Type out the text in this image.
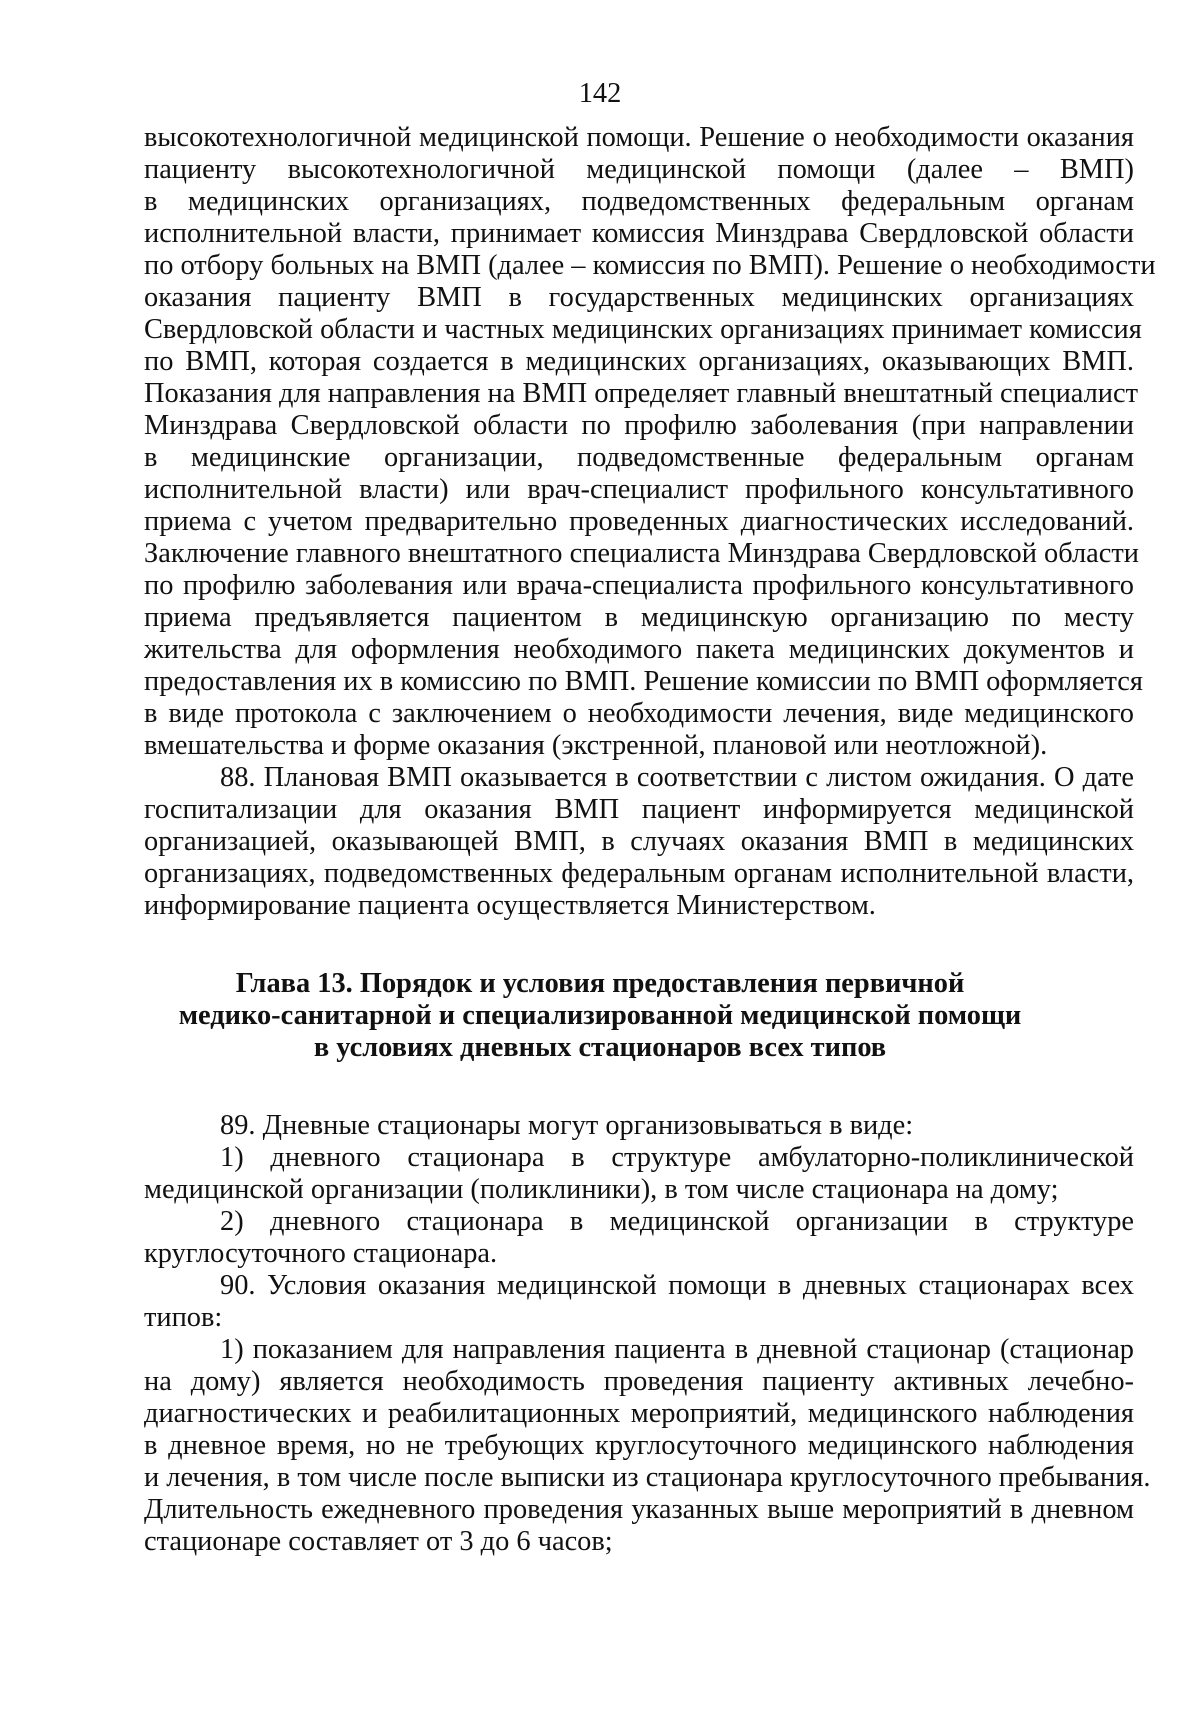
142
высокотехнологичной медицинской помощи. Решение о необходимости оказания
пациенту высокотехнологичной медицинской помощи (далее – ВМП)
в медицинских организациях, подведомственных федеральным органам
исполнительной власти, принимает комиссия Минздрава Свердловской области
по отбору больных на ВМП (далее – комиссия по ВМП). Решение о необходимости
оказания пациенту ВМП в государственных медицинских организациях
Свердловской области и частных медицинских организациях принимает комиссия
по ВМП, которая создается в медицинских организациях, оказывающих ВМП.
Показания для направления на ВМП определяет главный внештатный специалист
Минздрава Свердловской области по профилю заболевания (при направлении
в медицинские организации, подведомственные федеральным органам
исполнительной власти) или врач-специалист профильного консультативного
приема с учетом предварительно проведенных диагностических исследований.
Заключение главного внештатного специалиста Минздрава Свердловской области
по профилю заболевания или врача-специалиста профильного консультативного
приема предъявляется пациентом в медицинскую организацию по месту
жительства для оформления необходимого пакета медицинских документов и
предоставления их в комиссию по ВМП. Решение комиссии по ВМП оформляется
в виде протокола с заключением о необходимости лечения, виде медицинского
вмешательства и форме оказания (экстренной, плановой или неотложной).
88. Плановая ВМП оказывается в соответствии с листом ожидания. О дате
госпитализации для оказания ВМП пациент информируется медицинской
организацией, оказывающей ВМП, в случаях оказания ВМП в медицинских
организациях, подведомственных федеральным органам исполнительной власти,
информирование пациента осуществляется Министерством.
Глава 13. Порядок и условия предоставления первичной
медико-санитарной и специализированной медицинской помощи
в условиях дневных стационаров всех типов
89. Дневные стационары могут организовываться в виде:
1) дневного стационара в структуре амбулаторно-поликлинической
медицинской организации (поликлиники), в том числе стационара на дому;
2) дневного стационара в медицинской организации в структуре
круглосуточного стационара.
90. Условия оказания медицинской помощи в дневных стационарах всех
типов:
1) показанием для направления пациента в дневной стационар (стационар
на дому) является необходимость проведения пациенту активных лечебно-
диагностических и реабилитационных мероприятий, медицинского наблюдения
в дневное время, но не требующих круглосуточного медицинского наблюдения
и лечения, в том числе после выписки из стационара круглосуточного пребывания.
Длительность ежедневного проведения указанных выше мероприятий в дневном
стационаре составляет от 3 до 6 часов;
